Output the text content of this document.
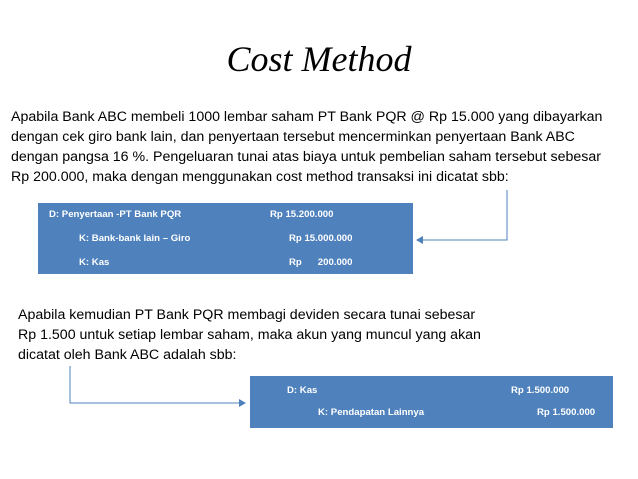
Cost Method
Apabila Bank ABC membeli 1000 lembar saham PT Bank PQR @ Rp 15.000 yang dibayarkan
dengan cek giro bank lain, dan penyertaan tersebut mencerminkan penyertaan Bank ABC
dengan pangsa 16 %. Pengeluaran tunai atas biaya untuk pembelian saham tersebut sebesar
Rp 200.000, maka dengan menggunakan cost method transaksi ini dicatat sbb:
D: Penyertaan -PT Bank PQR	Rp 15.200.000
K: Bank-bank lain – Giro	Rp 15.000.000
K: Kas	Rp      200.000
Apabila kemudian PT Bank PQR membagi deviden secara tunai sebesar
Rp 1.500 untuk setiap lembar saham, maka akun yang muncul yang akan
dicatat oleh Bank ABC adalah sbb:
D: Kas	Rp 1.500.000
K: Pendapatan Lainnya	Rp 1.500.000
